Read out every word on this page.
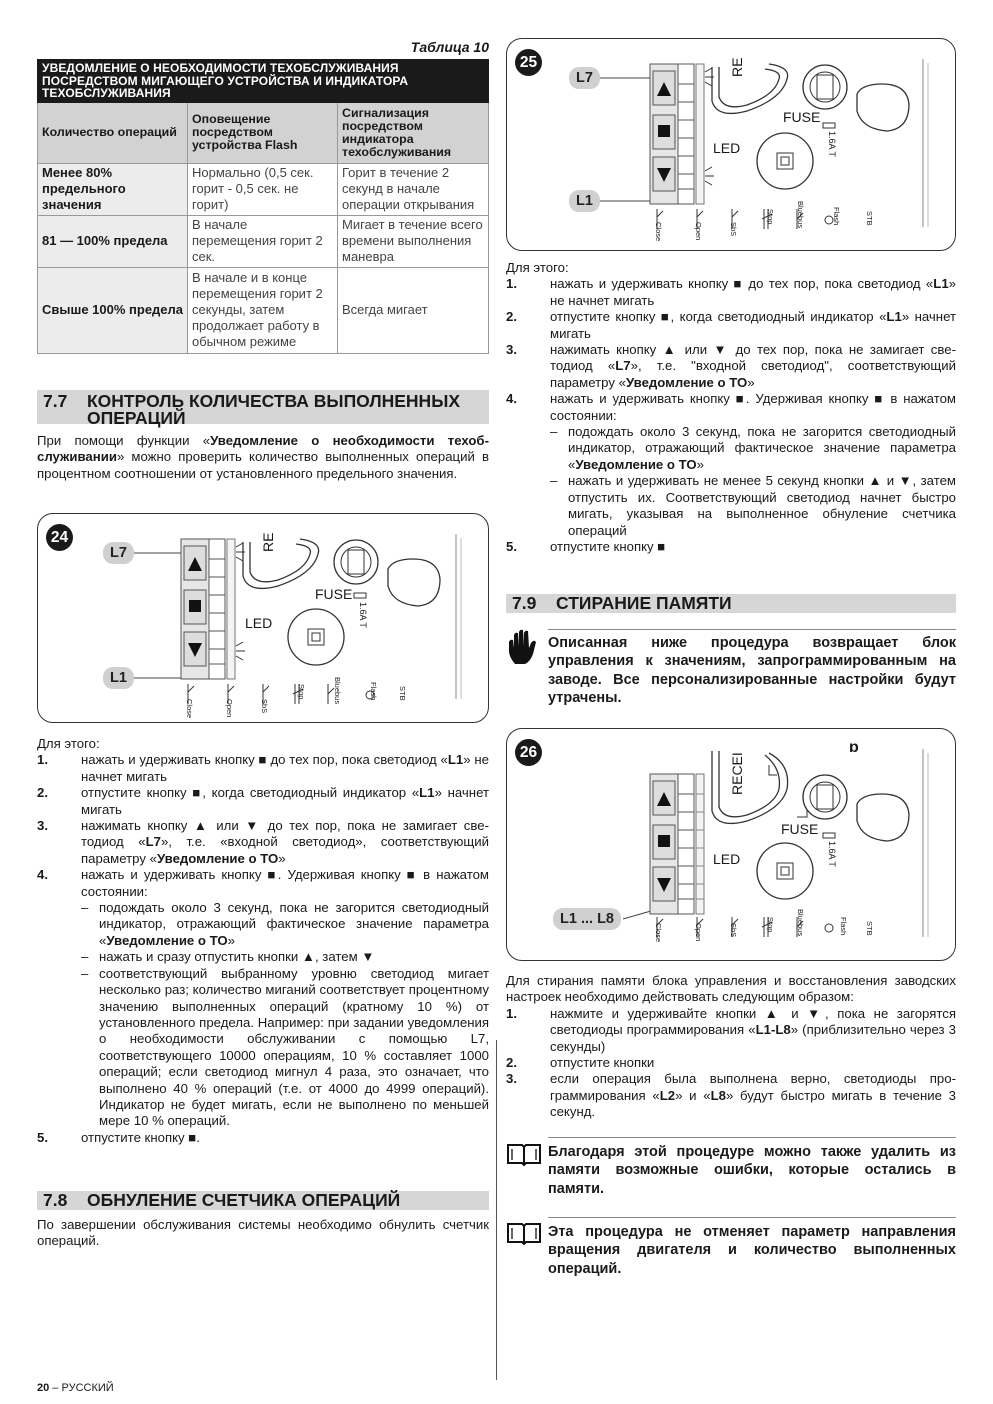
Таблица 10
УВЕДОМЛЕНИЕ О НЕОБХОДИМОСТИ ТЕХОБСЛУЖИВАНИЯ
ПОСРЕДСТВОМ МИГАЮЩЕГО УСТРОЙСТВА И ИНДИКАТОРА
ТЕХОБСЛУЖИВАНИЯ		

Количество операций	Оповещение посредством устройства Flash	Сигнализация посредством индикатора техобслуживания
Менее 80% предельного значения	Нормально (0,5 сек. горит - 0,5 сек. не горит)	Горит в течение 2 секунд в начале операции открывания
81 — 100% предела	В начале перемещения горит 2 сек.	Мигает в течение всего времени выполнения маневра
Свыше 100% предела	В начале и в конце перемещения горит 2 секунды, затем продолжает работу в обычном режиме	Всегда мигает
7.7 КОНТРОЛЬ КОЛИЧЕСТВА ВЫПОЛНЕННЫХ
ОПЕРАЦИЙ
При помощи функции «Уведомление о необходимости техобслуживании» можно проверить количество выполненных операций в процентном соотношении от установленного предельного значения.
24
L7
L1
RE
FUSE
LED	1.6A T
Close	Open	SbS
Stop	Bluebus	Flash	STB
Для этого:
1.	нажать и удерживать кнопку ■ до тех пор, пока светодиод «L1» не начнет мигать
2.	отпустите кнопку ■, когда светодиодный индикатор «L1» начнет мигать
3.	нажимать кнопку ▲ или ▼ до тех пор, пока не замигает светодиод «L7», т.е. «входной светодиод», соответствующий параметру «Уведомление о ТО»
4.	нажать и удерживать кнопку ■. Удерживая кнопку ■ в нажатом состоянии:
– подождать около 3 секунд, пока не загорится светодиодный индикатор, отражающий фактическое значение параметра «Уведомление о ТО»
– нажать и сразу отпустить кнопки ▲, затем ▼
– соответствующий выбранному уровню светодиод мигает несколько раз; количество миганий соответствует процентному значению выполненных операций (кратному 10 %) от установленного предела. Например: при задании уведомления о необходимости обслуживании с помощью L7, соответствующего 10000 операциям, 10 % составляет 1000 операций; если светодиод мигнул 4 раза, это означает, что выполнено 40 % операций (т.е. от 4000 до 4999 операций). Индикатор не будет мигать, если не выполнено по меньшей мере 10 % операций.
5.	отпустите кнопку ■.
7.8 ОБНУЛЕНИЕ СЧЕТЧИКА ОПЕРАЦИЙ
По завершении обслуживания системы необходимо обнулить счетчик операций.
25
L7
L1
RE
FUSE
LED	1.6A T
Close	Open	SbS
Stop	Bluebus	Flash	STB
Для этого:
1.	нажать и удерживать кнопку ■ до тех пор, пока светодиод «L1» не начнет мигать
2.	отпустите кнопку ■, когда светодиодный индикатор «L1» начнет мигать
3.	нажимать кнопку ▲ или ▼ до тех пор, пока не замигает светодиод «L7», т.е. "входной светодиод", соответствующий параметру «Уведомление о ТО»
4.	нажать и удерживать кнопку ■. Удерживая кнопку ■ в нажатом состоянии:
– подождать около 3 секунд, пока не загорится светодиодный индикатор, отражающий фактическое значение параметра «Уведомление о ТО»
– нажать и удерживать не менее 5 секунд кнопки ▲ и ▼, затем отпустить их. Соответствующий светодиод начнет быстро мигать, указывая на выполненное обнуление счетчика операций
5.	отпустите кнопку ■
7.9 СТИРАНИЕ ПАМЯТИ
Описанная ниже процедура возвращает блок управления к значениям, запрограммированным на заводе. Все персонализированные настройки будут утрачены.
26
L1 ... L8
ɒ
RECEI
FUSE
LED	1.6A T
Close	Open	SbS	Stop	Bluebus	Flash STB
Для стирания памяти блока управления и восстановления заводских настроек необходимо действовать следующим образом:
1.	нажмите и удерживайте кнопки ▲ и ▼, пока не загорятся светодиоды программирования «L1-L8» (приблизительно через 3 секунды)
2.	отпустите кнопки
3.	если операция была выполнена верно, светодиоды программирования «L2» и «L8» будут быстро мигать в течение 3 секунд.
Благодаря этой процедуре можно также удалить из памяти возможные ошибки, которые остались в памяти.
Эта процедура не отменяет параметр направления вращения двигателя и количество выполненных операций.
20 – РУССКИЙ
